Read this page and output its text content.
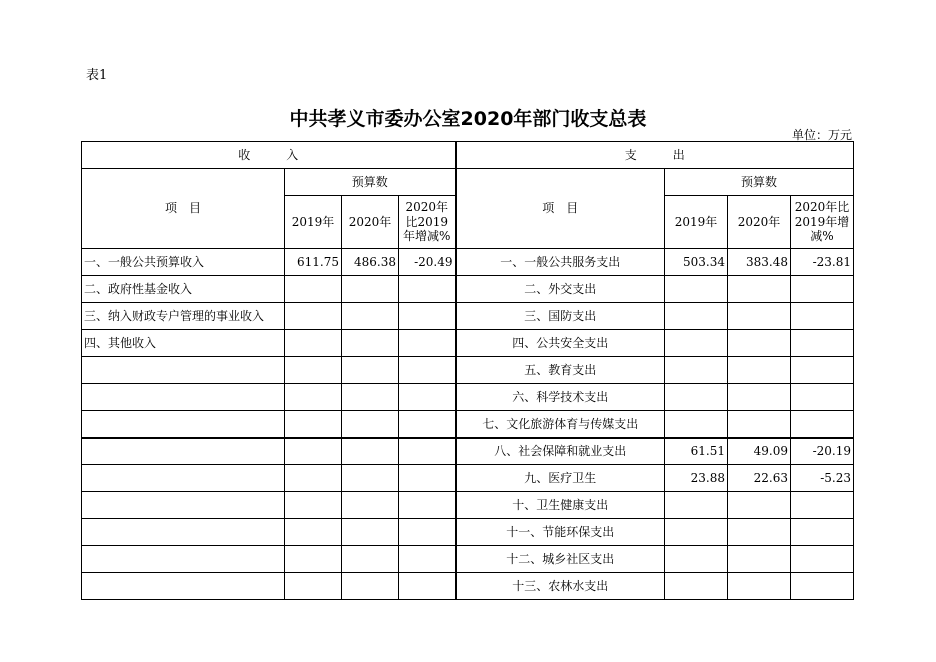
表1
中共孝义市委办公室2020年部门收支总表
单位：万元
收　　　入				支　　　出			
项　目	预算数			项　目	预算数		
	2019年	2020年	2020年比2019年增减%		2019年	2020年	2020年比2019年增减%
一、一般公共预算收入	611.75	486.38	-20.49	一、一般公共服务支出	503.34	383.48	-23.81
二、政府性基金收入				二、外交支出			
三、纳入财政专户管理的事业收入				三、国防支出			
四、其他收入				四、公共安全支出			
				五、教育支出			
				六、科学技术支出			
				七、文化旅游体育与传媒支出			
				八、社会保障和就业支出	61.51	49.09	-20.19
				九、医疗卫生	23.88	22.63	-5.23
				十、卫生健康支出			
				十一、节能环保支出			
				十二、城乡社区支出			
				十三、农林水支出			
